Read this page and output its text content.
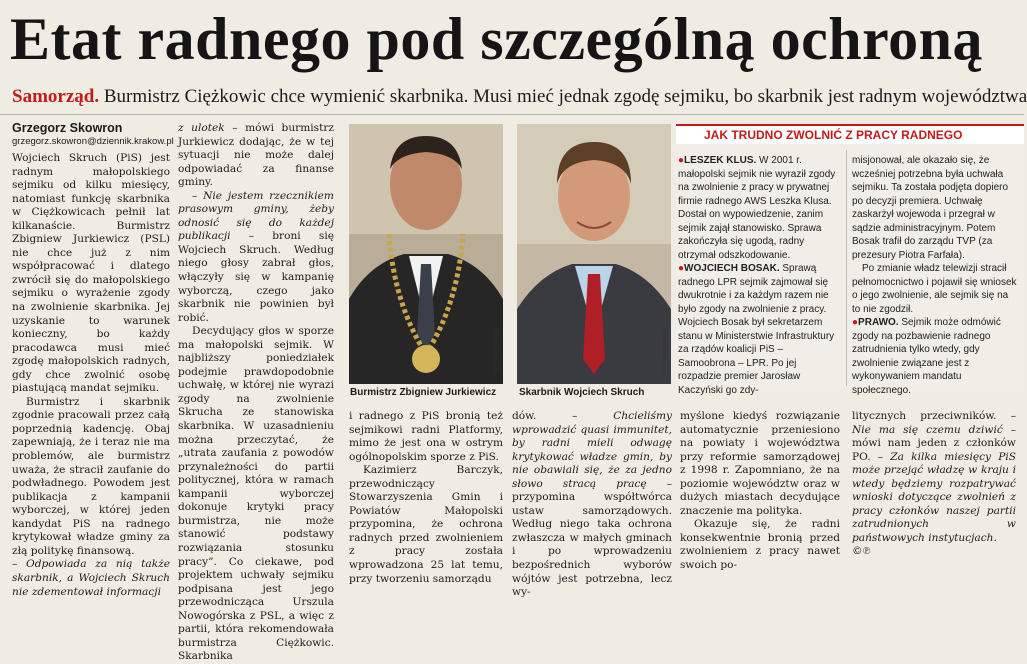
Etat radnego pod szczególną ochroną
Samorząd. Burmistrz Ciężkowic chce wymienić skarbnika. Musi mieć jednak zgodę sejmiku, bo skarbnik jest radnym województwa
Grzegorz Skowron
grzegorz.skowron@dziennik.krakow.pl

Wojciech Skruch (PiS) jest radnym małopolskiego sejmiku od kilku miesięcy, natomiast funkcję skarbnika w Ciężkowicach pełnił lat kilkanaście. Burmistrz Zbigniew Jurkiewicz (PSL) nie chce już z nim współpracować i dlatego zwrócił się do małopolskiego sejmiku o wyrażenie zgody na zwolnienie skarbnika. Jej uzyskanie to warunek konieczny, bo każdy pracodawca musi mieć zgodę małopolskich radnych, gdy chce zwolnić osobę piastującą mandat sejmiku.

Burmistrz i skarbnik zgodnie pracowali przez całą poprzednią kadencję. Obaj zapewniają, że i teraz nie ma problemów, ale burmistrz uważa, że stracił zaufanie do podwładnego. Powodem jest publikacja z kampanii wyborczej, w której jeden kandydat PiS na radnego krytykował władze gminy za złą politykę finansową.

– Odpowiada za nią także skarbnik, a Wojciech Skruch nie zdementował informacji

z ulotek – mówi burmistrz Jurkiewicz dodając, że w tej sytuacji nie może dalej odpowiadać za finanse gminy.

– Nie jestem rzecznikiem prasowym gminy, żeby odnosić się do każdej publikacji – broni się Wojciech Skruch. Według niego głosy zabrał głos, włączyły się w kampanię wyborczą, czego jako skarbnik nie powinien był robić.

Decydujący głos w sporze ma małopolski sejmik. W najbliższy poniedziałek podejmie prawdopodobnie uchwałę, w której nie wyrazi zgody na zwolnienie Skrucha ze stanowiska skarbnika. W uzasadnieniu można przeczytać, że „utrata zaufania z powodów przynależności do partii politycznej, która w ramach kampanii wyborczej dokonuje krytyki pracy burmistrza, nie może stanowić podstawy rozwiązania stosunku pracy”. Co ciekawe, pod projektem uchwały sejmiku podpisana jest jego przewodnicząca Urszula Nowogórska z PSL, a więc z partii, która rekomendowała burmistrza Ciężkowic. Skarbnika

FOT. ARCHIWUM
Burmistrz Zbigniew Jurkiewicz
FOT. ARCHIWUM
Skarbnik Wojciech Skruch

i radnego z PiS bronią też sejmikowi radni Platformy, mimo że jest ona w ostrym ogólnopolskim sporze z PiS.

Kazimierz Barczyk, przewodniczący Stowarzyszenia Gmin i Powiatów Małopolski przypomina, że ochrona radnych przed zwolnieniem z pracy została wprowadzona 25 lat temu, przy tworzeniu samorządu

dów. – Chcieliśmy wprowadzić quasi immunitet, by radni mieli odwagę krytykować władze gmin, by nie obawiali się, że za jedno słowo stracą pracę – przypomina współtwórca ustaw samorządowych. Według niego taka ochrona zwłaszcza w małych gminach i po wprowadzeniu bezpośrednich wyborów wójtów jest potrzebna, lecz wy-

myślone kiedyś rozwiązanie automatycznie przeniesiono na powiaty i województwa przy reformie samorządowej z 1998 r. Zapomniano, że na poziomie województw oraz w dużych miastach decydujące znaczenie ma polityka.

Okazuje się, że radni konsekwentnie bronią przed zwolnieniem z pracy nawet swoich po-

litycznych przeciwników. – Nie ma się czemu dziwić – mówi nam jeden z członków PO. – Za kilka miesięcy PiS może przejąć władzę w kraju i wtedy będziemy rozpatrywać wnioski dotyczące zwolnień z pracy członków naszej partii zatrudnionych w państwowych instytucjach.

©℗

JAK TRUDNO ZWOLNIĆ Z PRACY RADNEGO

●LESZEK KLUS. W 2001 r. małopolski sejmik nie wyraził zgody na zwolnienie z pracy w prywatnej firmie radnego AWS Leszka Klusa. Dostał on wypowiedzenie, zanim sejmik zajął stanowisko. Sprawa zakończyła się ugodą, radny otrzymał odszkodowanie.

●WOJCIECH BOSAK. Sprawą radnego LPR sejmik zajmował się dwukrotnie i za każdym razem nie było zgody na zwolnienie z pracy. Wojciech Bosak był sekretarzem stanu w Ministerstwie Infrastruktury za rządów koalicji PiS – Samoobrona – LPR. Po jej rozpadzie premier Jarosław Kaczyński go zdy-

misjonował, ale okazało się, że wcześniej potrzebna była uchwała sejmiku. Ta została podjęta dopiero po decyzji premiera. Uchwałę zaskarżył wojewoda i przegrał w sądzie administracyjnym. Potem Bosak trafił do zarządu TVP (za prezesury Piotra Farfała).

Po zmianie władz telewizji stracił pełnomocnictwo i pojawił się wniosek o jego zwolnienie, ale sejmik się na to nie zgodził.

●PRAWO. Sejmik może odmówić zgody na pozbawienie radnego zatrudnienia tylko wtedy, gdy zwolnienie związane jest z wykonywaniem mandatu społecznego.
